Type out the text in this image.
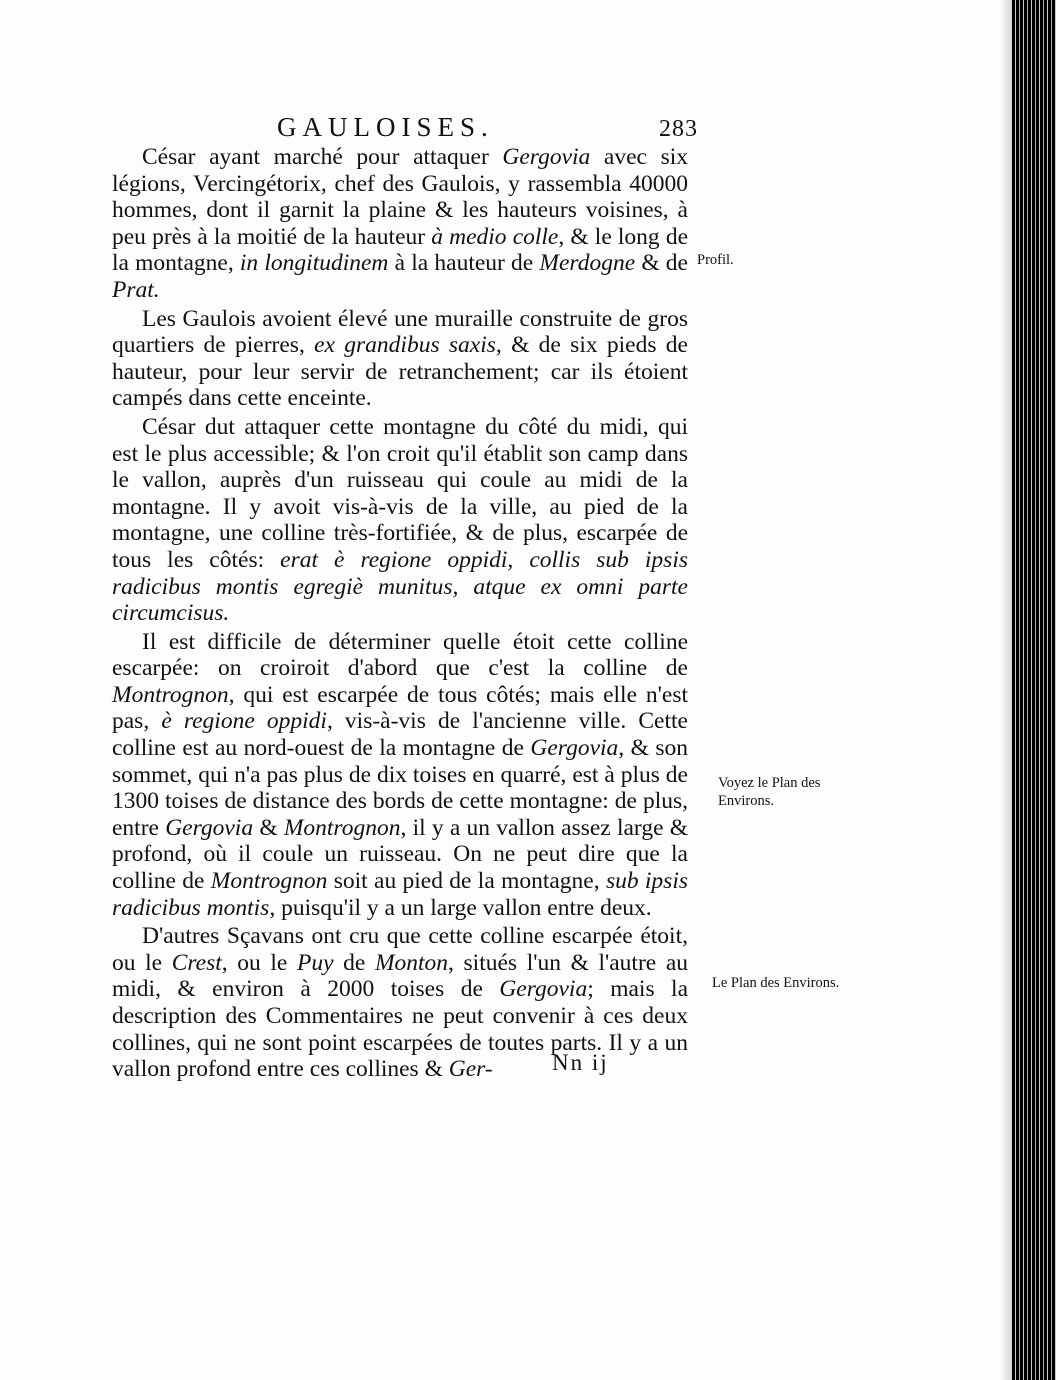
GAULOISES.	283

César ayant marché pour attaquer Gergovia avec six légions, Vercingétorix, chef des Gaulois, y rassembla 40000 hommes, dont il garnit la plaine & les hauteurs voisines, à peu près à la moitié de la hauteur à medio colle, & le long de la montagne, in longitudinem à la hauteur de Merdogne & de Prat.

Les Gaulois avoient élevé une muraille construite de gros quartiers de pierres, ex grandibus saxis, & de six pieds de hauteur, pour leur servir de retranchement; car ils étoient campés dans cette enceinte.

César dut attaquer cette montagne du côté du midi, qui est le plus accessible; & l'on croit qu'il établit son camp dans le vallon, auprès d'un ruisseau qui coule au midi de la montagne. Il y avoit vis-à-vis de la ville, au pied de la montagne, une colline très-fortifiée, & de plus, escarpée de tous les côtés: erat è regione oppidi, collis sub ipsis radicibus montis egregiè munitus, atque ex omni parte circumcisus.

Il est difficile de déterminer quelle étoit cette colline escarpée: on croiroit d'abord que c'est la colline de Montrognon, qui est escarpée de tous côtés; mais elle n'est pas, è regione oppidi, vis-à-vis de l'ancienne ville. Cette colline est au nord-ouest de la montagne de Gergovia, & son sommet, qui n'a pas plus de dix toises en quarré, est à plus de 1300 toises de distance des bords de cette montagne: de plus, entre Gergovia & Montrognon, il y a un vallon assez large & profond, où il coule un ruisseau. On ne peut dire que la colline de Montrognon soit au pied de la montagne, sub ipsis radicibus montis, puisqu'il y a un large vallon entre deux.

D'autres Sçavans ont cru que cette colline escarpée étoit, ou le Crest, ou le Puy de Monton, situés l'un & l'autre au midi, & environ à 2000 toises de Gergovia; mais la description des Commentaires ne peut convenir à ces deux collines, qui ne sont point escarpées de toutes parts. Il y a un vallon profond entre ces collines & Ger-

Profil.
Voyez le Plan des Environs.
Le Plan des Environs.
Nn ij
